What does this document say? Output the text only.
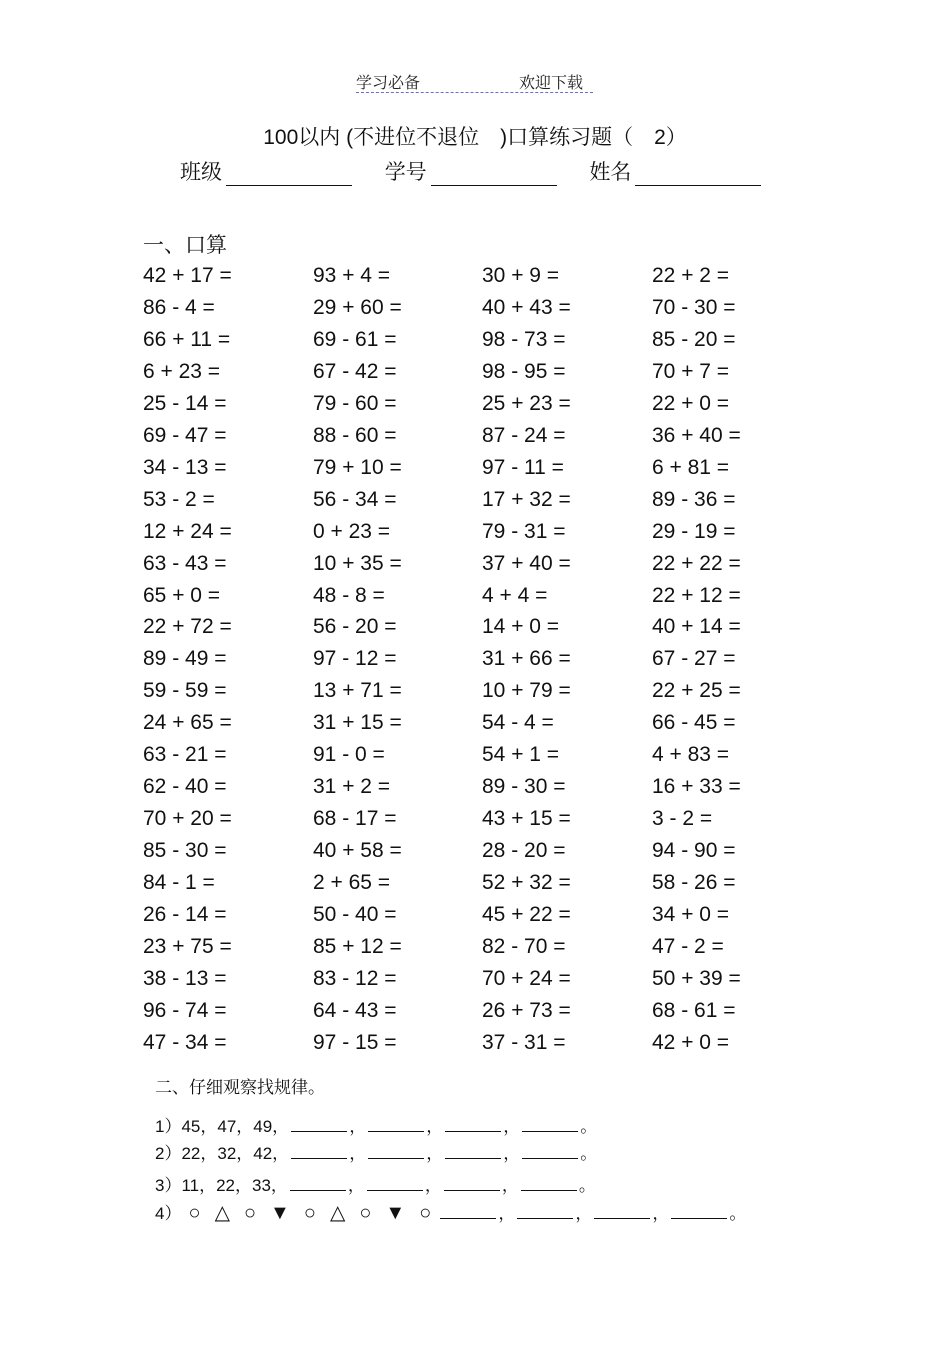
学习必备	欢迎下载
100以内 (不进位不退位　)口算练习题（　2）
班级	学号	姓名
一、口算
42 + 17 =	93 + 4 =	30 + 9 =	22 + 2 =
86 - 4 =	29 + 60 =	40 + 43 =	70 - 30 =
66 + 11 =	69 - 61 =	98 - 73 =	85 - 20 =
6 + 23 =	67 - 42 =	98 - 95 =	70 + 7 =
25 - 14 =	79 - 60 =	25 + 23 =	22 + 0 =
69 - 47 =	88 - 60 =	87 - 24 =	36 + 40 =
34 - 13 =	79 + 10 =	97 - 11 =	6 + 81 =
53 - 2 =	56 - 34 =	17 + 32 =	89 - 36 =
12 + 24 =	0 + 23 =	79 - 31 =	29 - 19 =
63 - 43 =	10 + 35 =	37 + 40 =	22 + 22 =
65 + 0 =	48 - 8 =	4 + 4 =	22 + 12 =
22 + 72 =	56 - 20 =	14 + 0 =	40 + 14 =
89 - 49 =	97 - 12 =	31 + 66 =	67 - 27 =
59 - 59 =	13 + 71 =	10 + 79 =	22 + 25 =
24 + 65 =	31 + 15 =	54 - 4 =	66 - 45 =
63 - 21 =	91 - 0 =	54 + 1 =	4 + 83 =
62 - 40 =	31 + 2 =	89 - 30 =	16 + 33 =
70 + 20 =	68 - 17 =	43 + 15 =	3 - 2 =
85 - 30 =	40 + 58 =	28 - 20 =	94 - 90 =
84 - 1 =	2 + 65 =	52 + 32 =	58 - 26 =
26 - 14 =	50 - 40 =	45 + 22 =	34 + 0 =
23 + 75 =	85 + 12 =	82 - 70 =	47 - 2 =
38 - 13 =	83 - 12 =	70 + 24 =	50 + 39 =
96 - 74 =	64 - 43 =	26 + 73 =	68 - 61 =
47 - 34 =	97 - 15 =	37 - 31 =	42 + 0 =
二、仔细观察找规律。
1）45，47，49，	，	，	，	。
2）22，32，42，	，	，	，	。
3）11，22，33，	，	，	，	。
4） ○ △ ○ ▼ ○ △ ○ ▼ ○	，	，	，	。
